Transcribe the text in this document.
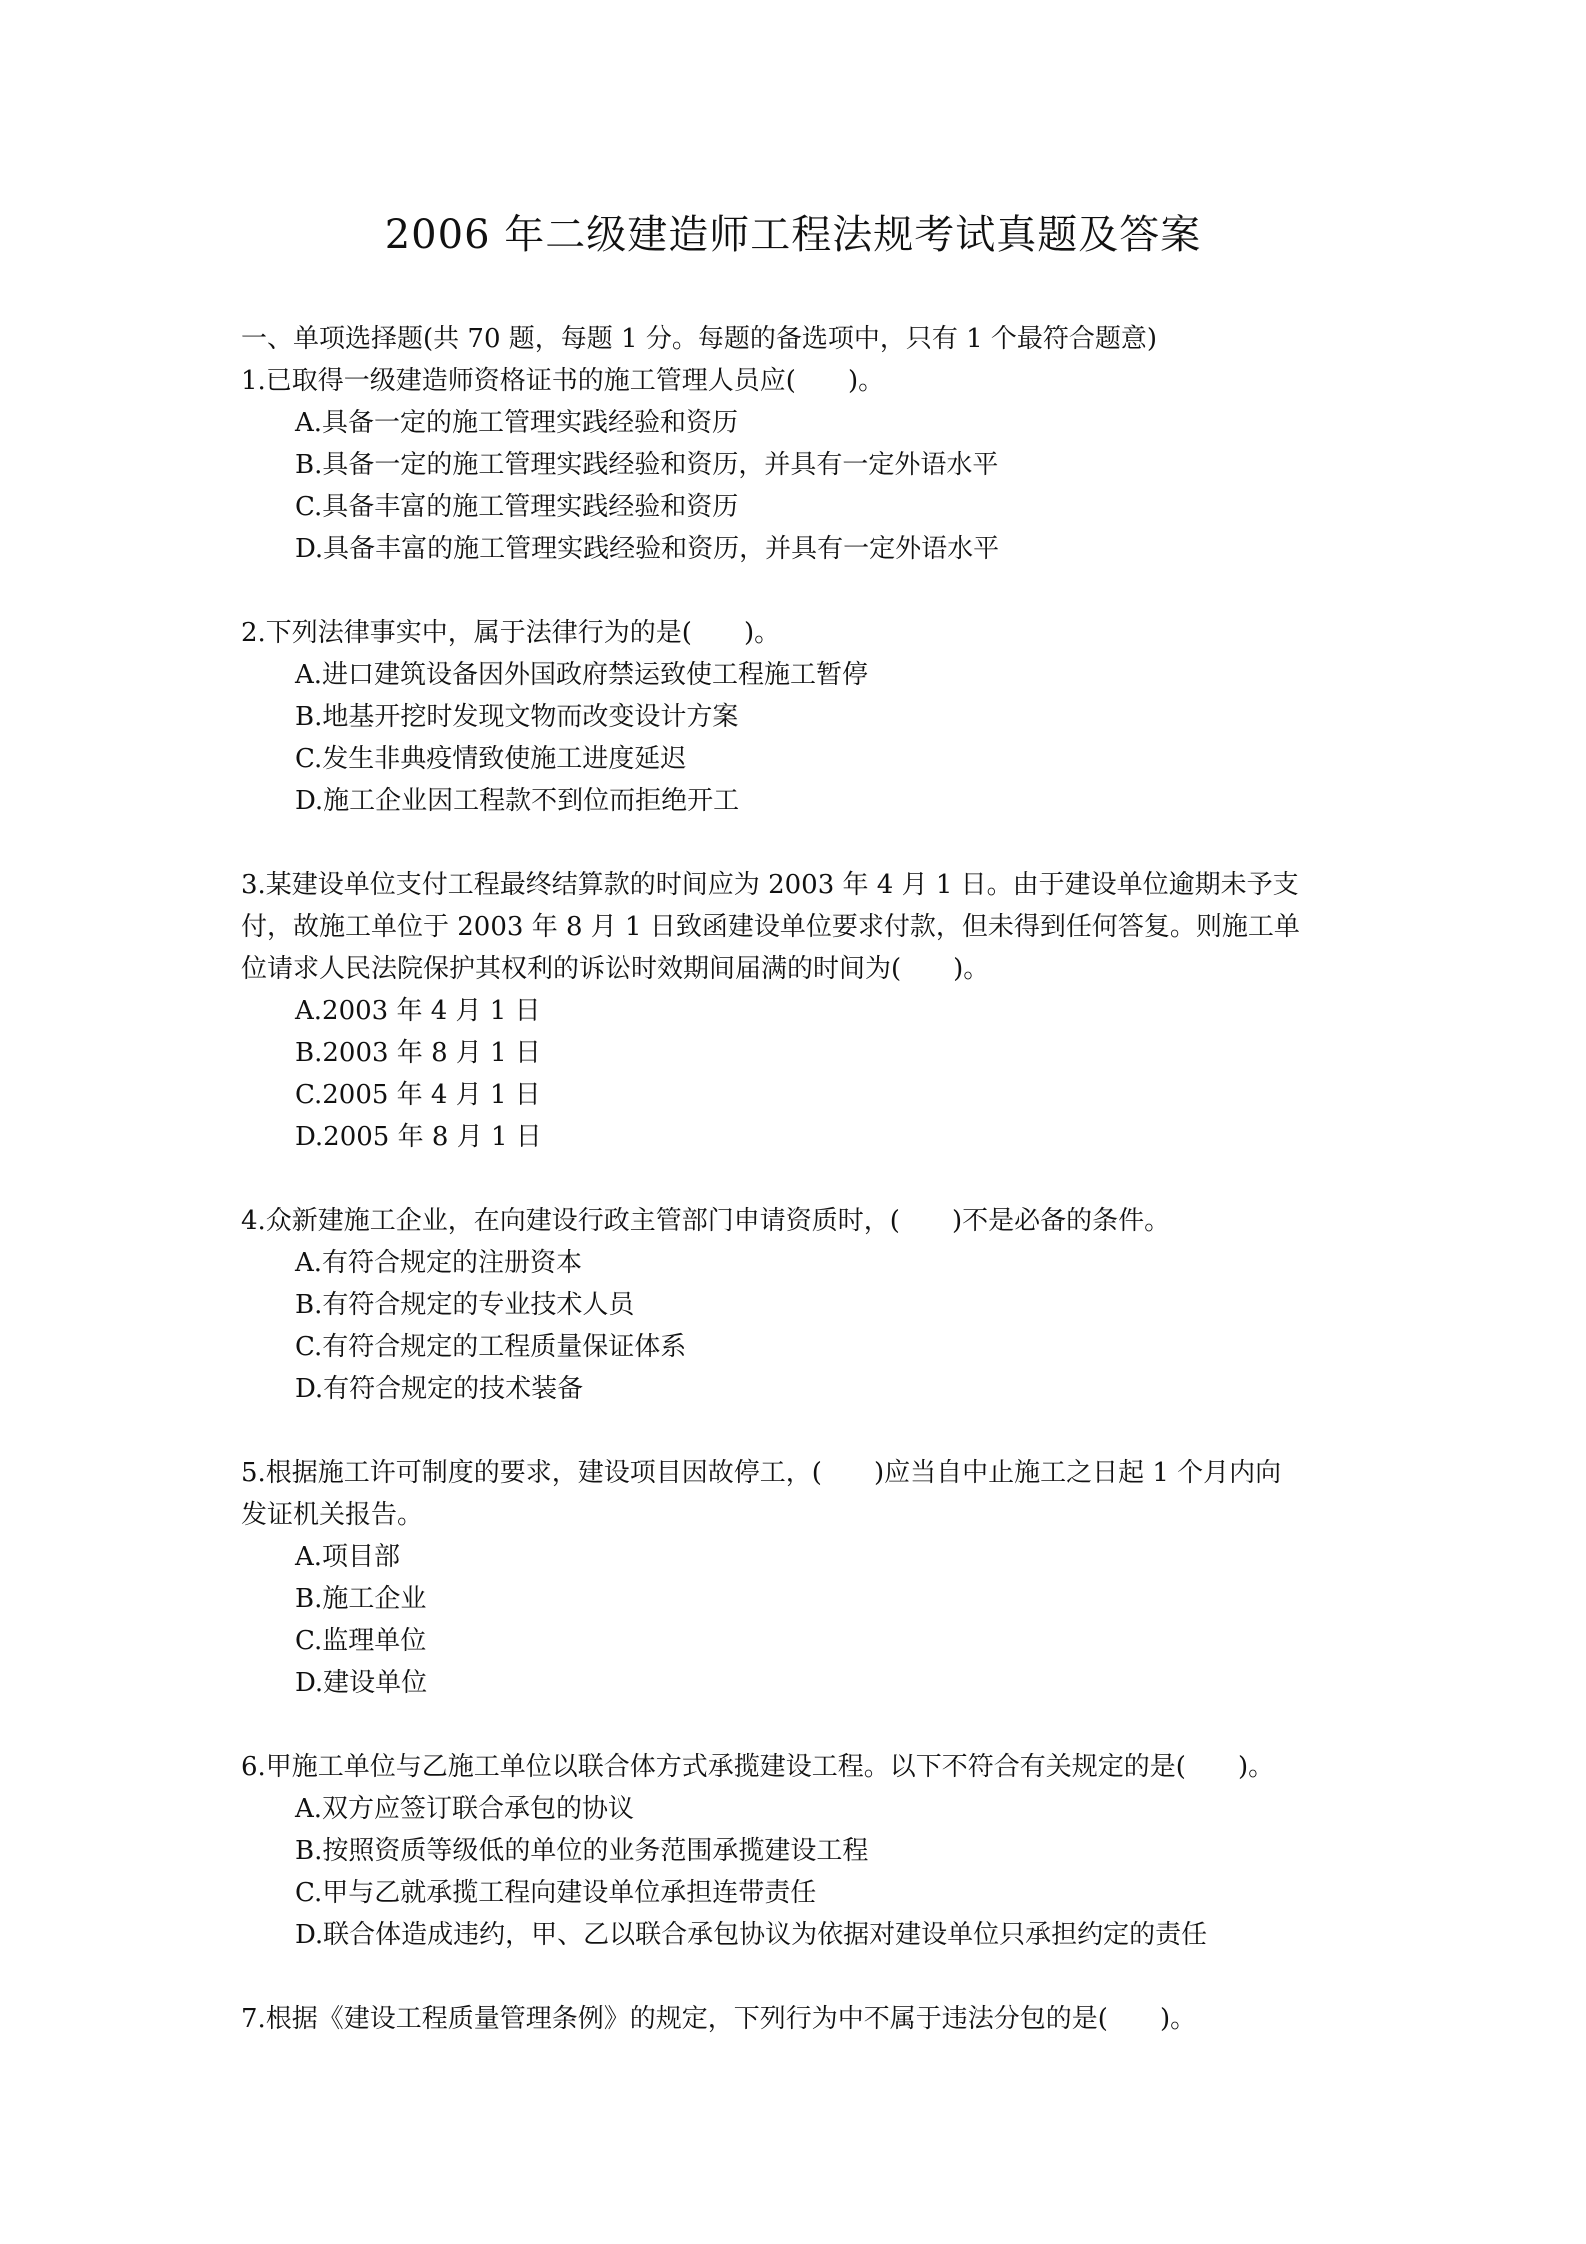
2006 年二级建造师工程法规考试真题及答案
一、单项选择题(共 70 题，每题 1 分。每题的备选项中，只有 1 个最符合题意)
1.已取得一级建造师资格证书的施工管理人员应(　　)。
A.具备一定的施工管理实践经验和资历
B.具备一定的施工管理实践经验和资历，并具有一定外语水平
C.具备丰富的施工管理实践经验和资历
D.具备丰富的施工管理实践经验和资历，并具有一定外语水平
2.下列法律事实中，属于法律行为的是(　　)。
A.进口建筑设备因外国政府禁运致使工程施工暂停
B.地基开挖时发现文物而改变设计方案
C.发生非典疫情致使施工进度延迟
D.施工企业因工程款不到位而拒绝开工
3.某建设单位支付工程最终结算款的时间应为 2003 年 4 月 1 日。由于建设单位逾期未予支
付，故施工单位于 2003 年 8 月 1 日致函建设单位要求付款，但未得到任何答复。则施工单
位请求人民法院保护其权利的诉讼时效期间届满的时间为(　　)。
A.2003 年 4 月 1 日
B.2003 年 8 月 1 日
C.2005 年 4 月 1 日
D.2005 年 8 月 1 日
4.众新建施工企业，在向建设行政主管部门申请资质时，(　　)不是必备的条件。
A.有符合规定的注册资本
B.有符合规定的专业技术人员
C.有符合规定的工程质量保证体系
D.有符合规定的技术装备
5.根据施工许可制度的要求，建设项目因故停工，(　　)应当自中止施工之日起 1 个月内向
发证机关报告。
A.项目部
B.施工企业
C.监理单位
D.建设单位
6.甲施工单位与乙施工单位以联合体方式承揽建设工程。以下不符合有关规定的是(　　)。
A.双方应签订联合承包的协议
B.按照资质等级低的单位的业务范围承揽建设工程
C.甲与乙就承揽工程向建设单位承担连带责任
D.联合体造成违约，甲、乙以联合承包协议为依据对建设单位只承担约定的责任
7.根据《建设工程质量管理条例》的规定，下列行为中不属于违法分包的是(　　)。
